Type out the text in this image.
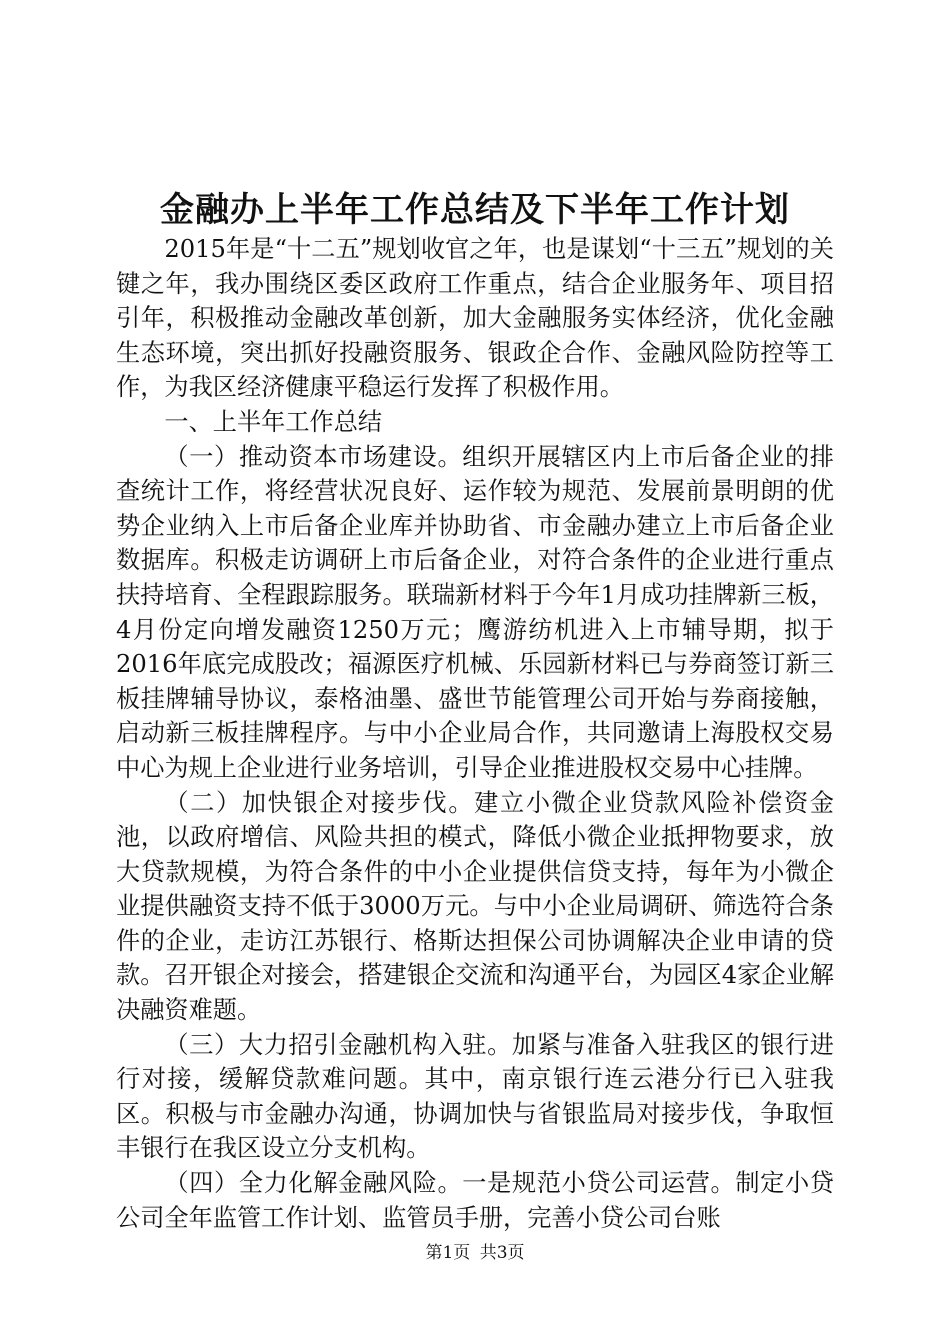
金融办上半年工作总结及下半年工作计划

2015年是“十二五”规划收官之年，也是谋划“十三五”规划的关键之年，我办围绕区委区政府工作重点，结合企业服务年、项目招引年，积极推动金融改革创新，加大金融服务实体经济，优化金融生态环境，突出抓好投融资服务、银政企合作、金融风险防控等工作，为我区经济健康平稳运行发挥了积极作用。

一、上半年工作总结

（一）推动资本市场建设。组织开展辖区内上市后备企业的排查统计工作，将经营状况良好、运作较为规范、发展前景明朗的优势企业纳入上市后备企业库并协助省、市金融办建立上市后备企业数据库。积极走访调研上市后备企业，对符合条件的企业进行重点扶持培育、全程跟踪服务。联瑞新材料于今年1月成功挂牌新三板，4月份定向增发融资1250万元；鹰游纺机进入上市辅导期，拟于2016年底完成股改；福源医疗机械、乐园新材料已与券商签订新三板挂牌辅导协议，泰格油墨、盛世节能管理公司开始与券商接触，启动新三板挂牌程序。与中小企业局合作，共同邀请上海股权交易中心为规上企业进行业务培训，引导企业推进股权交易中心挂牌。

（二）加快银企对接步伐。建立小微企业贷款风险补偿资金池，以政府增信、风险共担的模式，降低小微企业抵押物要求，放大贷款规模，为符合条件的中小企业提供信贷支持，每年为小微企业提供融资支持不低于3000万元。与中小企业局调研、筛选符合条件的企业，走访江苏银行、格斯达担保公司协调解决企业申请的贷款。召开银企对接会，搭建银企交流和沟通平台，为园区4家企业解决融资难题。

（三）大力招引金融机构入驻。加紧与准备入驻我区的银行进行对接，缓解贷款难问题。其中，南京银行连云港分行已入驻我区。积极与市金融办沟通，协调加快与省银监局对接步伐，争取恒丰银行在我区设立分支机构。

（四）全力化解金融风险。一是规范小贷公司运营。制定小贷公司全年监管工作计划、监管员手册，完善小贷公司台账

第1页 共3页
